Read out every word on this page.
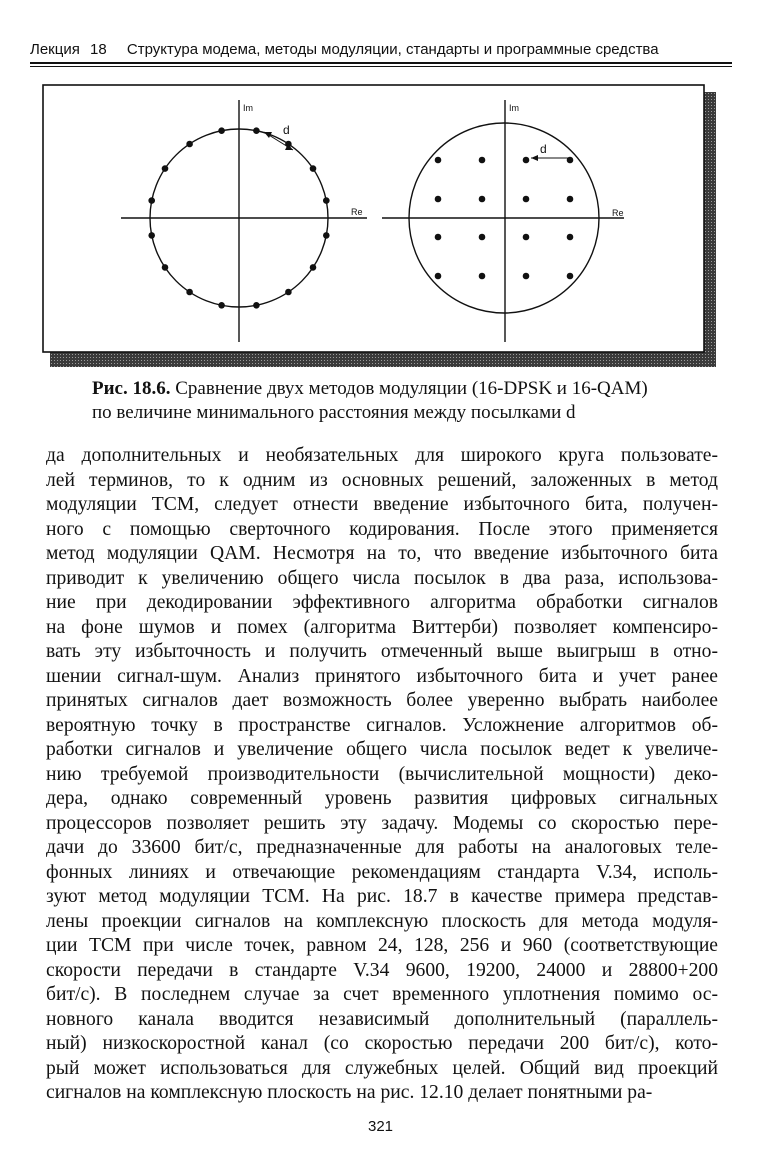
Лекция 18 Структура модема, методы модуляции, стандарты и программные средства
Im
Re
d
Im
Re
d
Рис. 18.6. Сравнение двух методов модуляции (16-DPSK и 16-QAM)
по величине минимального расстояния между посылками d
да дополнительных и необязательных для широкого круга пользовате-
лей терминов, то к одним из основных решений, заложенных в метод
модуляции ТСМ, следует отнести введение избыточного бита, получен-
ного с помощью сверточного кодирования. После этого применяется
метод модуляции QAM. Несмотря на то, что введение избыточного бита
приводит к увеличению общего числа посылок в два раза, использова-
ние при декодировании эффективного алгоритма обработки сигналов
на фоне шумов и помех (алгоритма Виттерби) позволяет компенсиро-
вать эту избыточность и получить отмеченный выше выигрыш в отно-
шении сигнал-шум. Анализ принятого избыточного бита и учет ранее
принятых сигналов дает возможность более уверенно выбрать наиболее
вероятную точку в пространстве сигналов. Усложнение алгоритмов об-
работки сигналов и увеличение общего числа посылок ведет к увеличе-
нию требуемой производительности (вычислительной мощности) деко-
дера, однако современный уровень развития цифровых сигнальных
процессоров позволяет решить эту задачу. Модемы со скоростью пере-
дачи до 33600 бит/с, предназначенные для работы на аналоговых теле-
фонных линиях и отвечающие рекомендациям стандарта V.34, исполь-
зуют метод модуляции ТСМ. На рис. 18.7 в качестве примера представ-
лены проекции сигналов на комплексную плоскость для метода модуля-
ции ТСМ при числе точек, равном 24, 128, 256 и 960 (соответствующие
скорости передачи в стандарте V.34 9600, 19200, 24000 и 28800+200
бит/с). В последнем случае за счет временного уплотнения помимо ос-
новного канала вводится независимый дополнительный (параллель-
ный) низкоскоростной канал (со скоростью передачи 200 бит/с), кото-
рый может использоваться для служебных целей. Общий вид проекций
сигналов на комплексную плоскость на рис. 12.10 делает понятными ра-
321
